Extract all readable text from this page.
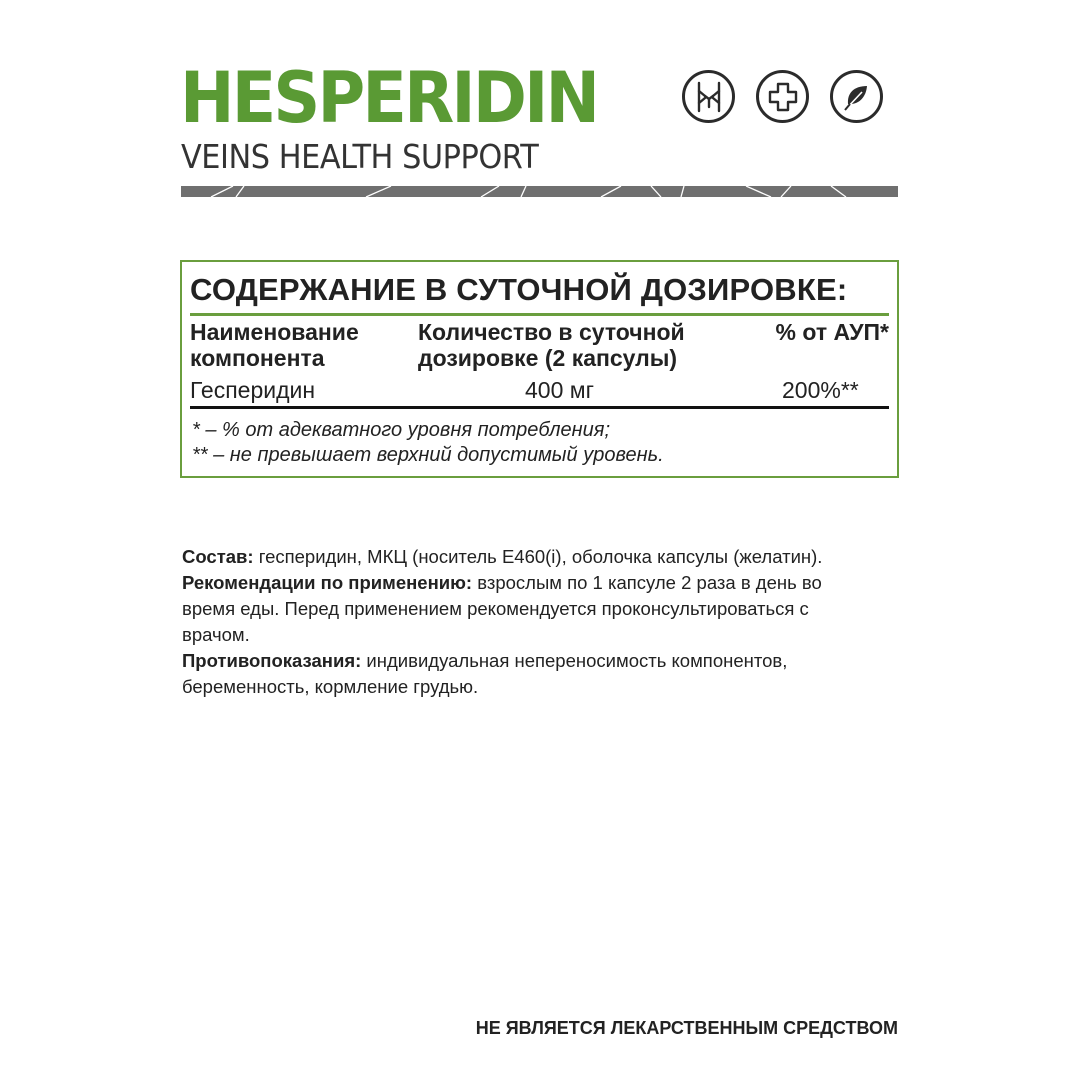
HESPERIDIN
VEINS HEALTH SUPPORT
СОДЕРЖАНИЕ В СУТОЧНОЙ ДОЗИРОВКЕ:
Наименование компонента
Количество в суточной дозировке (2 капсулы)
% от АУП*
Гесперидин	400 мг	200%**
* – % от адекватного уровня потребления;
** – не превышает верхний допустимый уровень.

Состав: гесперидин, МКЦ (носитель E460(i), оболочка капсулы (желатин).

Рекомендации по применению: взрослым по 1 капсуле 2 раза в день во время еды. Перед применением рекомендуется проконсультироваться с врачом.

Противопоказания: индивидуальная непереносимость компонентов, беременность, кормление грудью.

НЕ ЯВЛЯЕТСЯ ЛЕКАРСТВЕННЫМ СРЕДСТВОМ
